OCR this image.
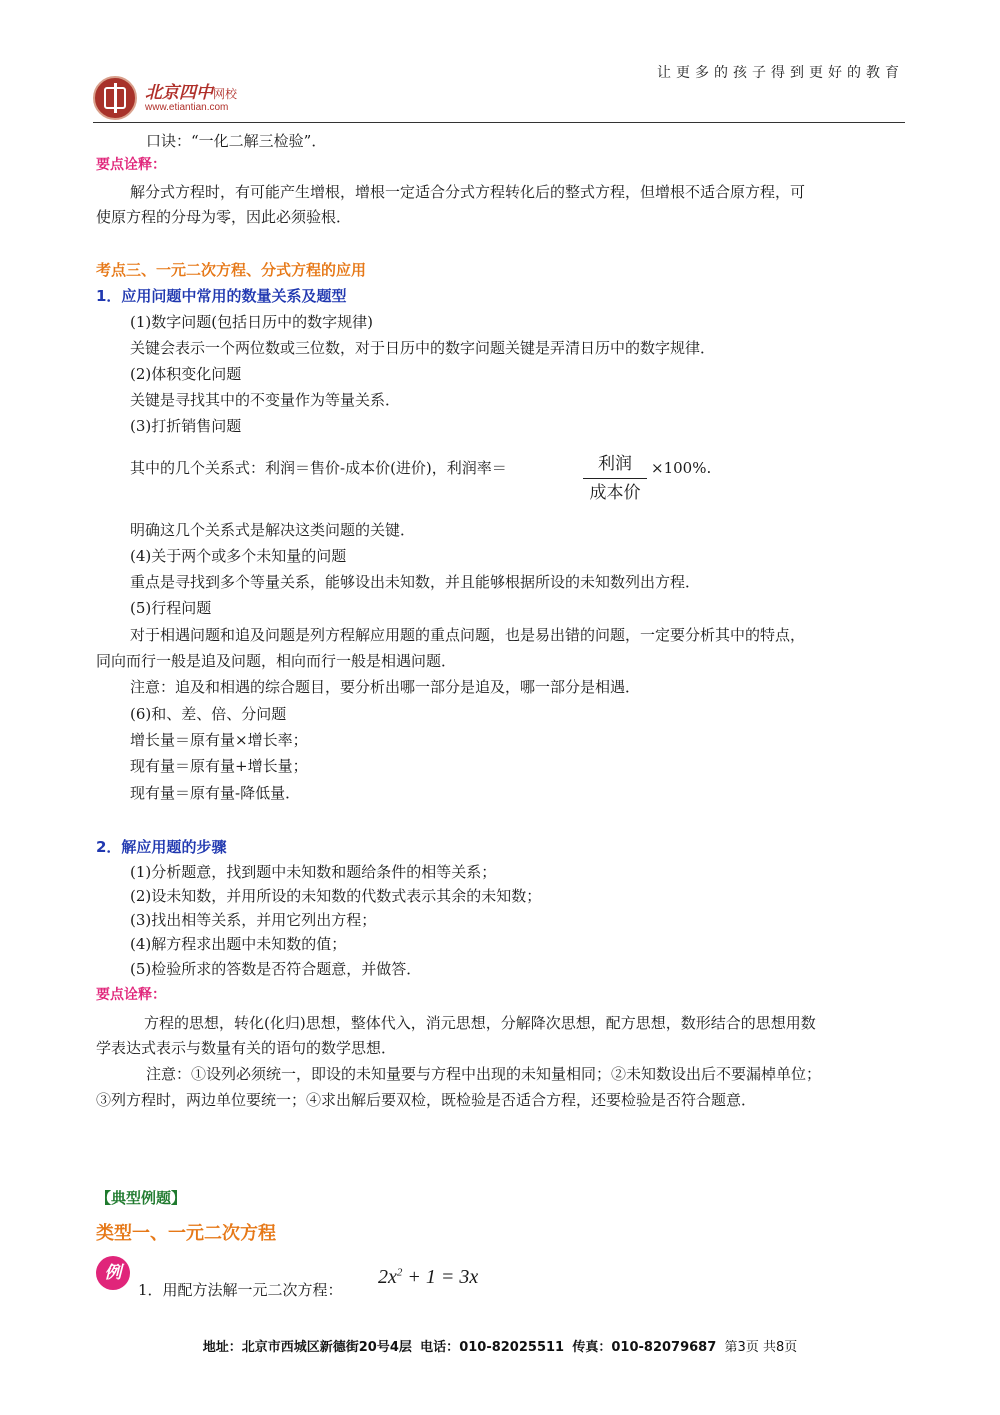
让更多的孩子得到更好的教育
北京四中网校
www.etiantian.com
口诀：“一化二解三检验”．
要点诠释：
解分式方程时，有可能产生增根，增根一定适合分式方程转化后的整式方程，但增根不适合原方程，可
使原方程的分母为零，因此必须验根．
考点三、一元二次方程、分式方程的应用
1．应用问题中常用的数量关系及题型
(1)数字问题(包括日历中的数字规律)
关键会表示一个两位数或三位数，对于日历中的数字问题关键是弄清日历中的数字规律．
(2)体积变化问题
关键是寻找其中的不变量作为等量关系．
(3)打折销售问题
其中的几个关系式：利润＝售价-成本价(进价)，利润率＝	利润
成本价
×100%.
明确这几个关系式是解决这类问题的关键．
(4)关于两个或多个未知量的问题
重点是寻找到多个等量关系，能够设出未知数，并且能够根据所设的未知数列出方程．
(5)行程问题
对于相遇问题和追及问题是列方程解应用题的重点问题，也是易出错的问题，一定要分析其中的特点，
同向而行一般是追及问题，相向而行一般是相遇问题．
注意：追及和相遇的综合题目，要分析出哪一部分是追及，哪一部分是相遇．
(6)和、差、倍、分问题
增长量＝原有量×增长率；
现有量＝原有量+增长量；
现有量＝原有量-降低量．
2．解应用题的步骤
(1)分析题意，找到题中未知数和题给条件的相等关系；
(2)设未知数，并用所设的未知数的代数式表示其余的未知数；
(3)找出相等关系，并用它列出方程；
(4)解方程求出题中未知数的值；
(5)检验所求的答数是否符合题意，并做答．
要点诠释：
方程的思想，转化(化归)思想，整体代入，消元思想，分解降次思想，配方思想，数形结合的思想用数
学表达式表示与数量有关的语句的数学思想．
注意：①设列必须统一，即设的未知量要与方程中出现的未知量相同；②未知数设出后不要漏棹单位；
③列方程时，两边单位要统一；④求出解后要双检，既检验是否适合方程，还要检验是否符合题意．
【典型例题】
类型一、一元二次方程
例
1．用配方法解一元二次方程：
$2x^2 + 1 = 3x$
地址：北京市西城区新德街20号4层 电话：010-82025511 传真：010-82079687 第3页 共8页
